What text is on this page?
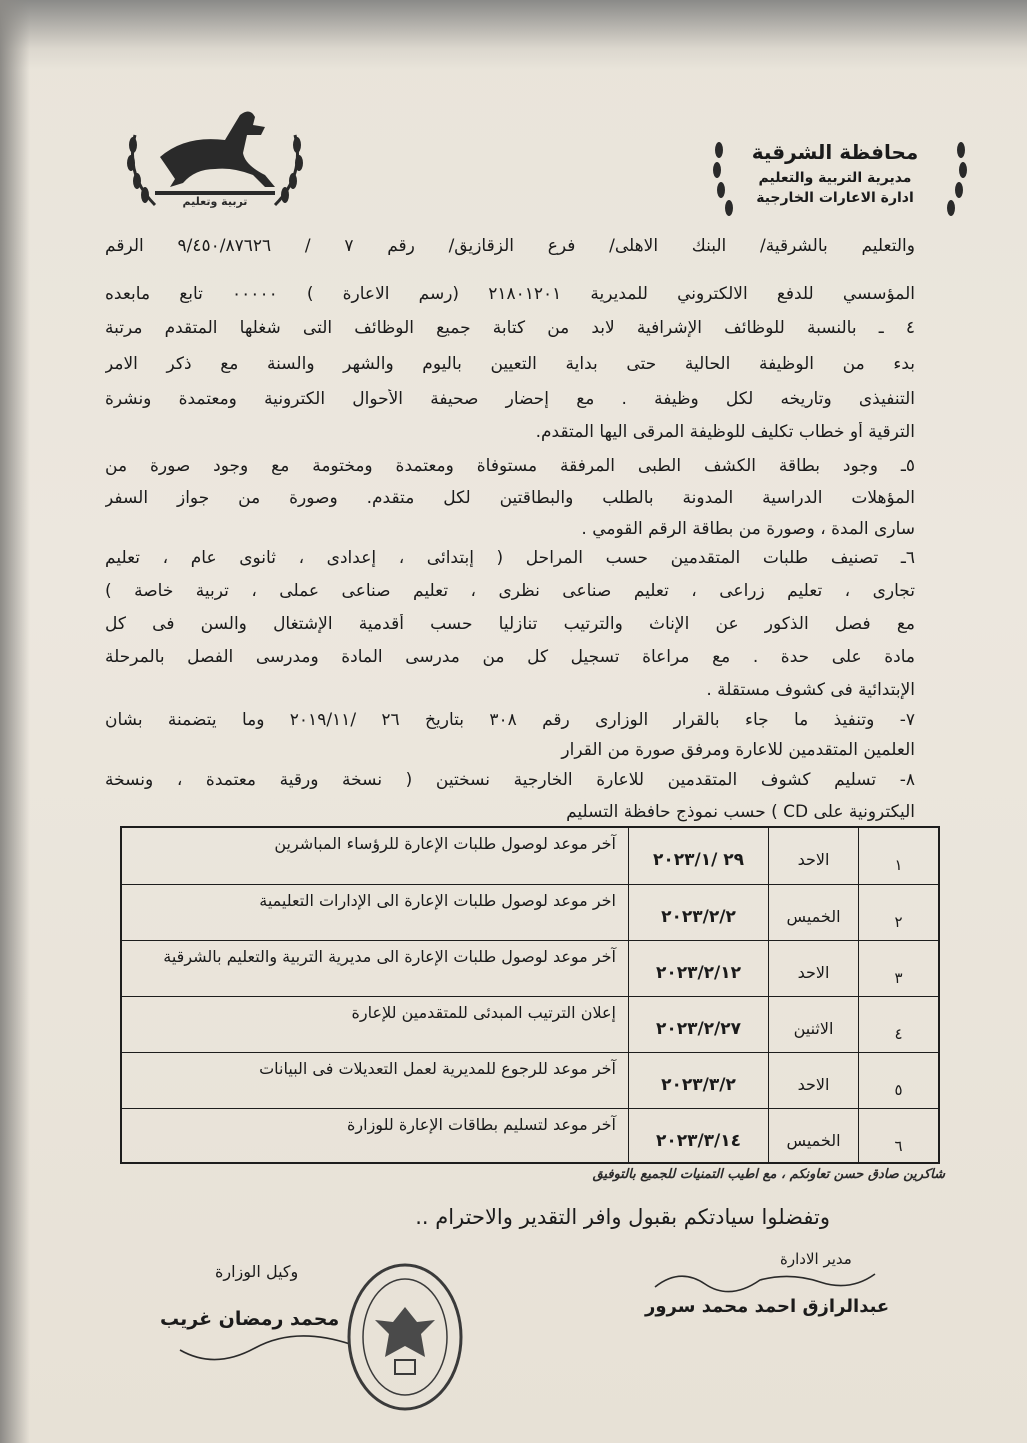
تربية وتعليم
محافظة الشرقية
مديرية التربية والتعليم
ادارة الاعارات الخارجية
والتعليم بالشرقية/ البنك الاهلى/ فرع الزقازيق/ رقم ٧ / ٩/٤٥٠/٨٧٦٢٦ الرقم
المؤسسي للدفع الالكتروني للمديرية ٢١٨٠١٢٠١ (رسم الاعارة ) ٠٠٠٠٠ تابع مابعده
٤ ـ بالنسبة للوظائف الإشرافية لابد من كتابة جميع الوظائف التى شغلها المتقدم مرتبة
بدء من الوظيفة الحالية حتى بداية التعيين باليوم والشهر والسنة مع ذكر الامر
التنفيذى وتاريخه لكل وظيفة . مع إحضار صحيفة الأحوال الكترونية ومعتمدة ونشرة
الترقية أو خطاب تكليف للوظيفة المرقى اليها المتقدم.
٥ـ وجود بطاقة الكشف الطبى المرفقة مستوفاة ومعتمدة ومختومة مع وجود صورة من
المؤهلات الدراسية المدونة بالطلب والبطاقتين لكل متقدم. وصورة من جواز السفر
سارى المدة ، وصورة من بطاقة الرقم القومي .
٦ـ تصنيف طلبات المتقدمين حسب المراحل ( إبتدائى ، إعدادى ، ثانوى عام ، تعليم
تجارى ، تعليم زراعى ، تعليم صناعى نظرى ، تعليم صناعى عملى ، تربية خاصة )
مع فصل الذكور عن الإناث والترتيب تنازليا حسب أقدمية الإشتغال والسن فى كل
مادة على حدة . مع مراعاة تسجيل كل من مدرسى المادة ومدرسى الفصل بالمرحلة
الإبتدائية فى كشوف مستقلة .
٧- وتنفيذ ما جاء بالقرار الوزارى رقم ٣٠٨ بتاريخ ٢٦ /٢٠١٩/١١ وما يتضمنة بشان
العلمين المتقدمين للاعارة ومرفق صورة من القرار
٨- تسليم كشوف المتقدمين للاعارة الخارجية نسختين ( نسخة ورقية معتمدة ، ونسخة
اليكترونية على CD ) حسب نموذج حافظة التسليم
١
الاحد
٢٩ /٢٠٢٣/١
آخر موعد لوصول طلبات الإعارة للرؤساء المباشرين
٢
الخميس
٢٠٢٣/٢/٢
اخر موعد لوصول طلبات الإعارة الى الإدارات التعليمية
٣
الاحد
٢٠٢٣/٢/١٢
آخر موعد لوصول طلبات الإعارة الى مديرية التربية والتعليم بالشرقية
٤
الاثنين
٢٠٢٣/٢/٢٧
إعلان الترتيب المبدئى للمتقدمين للإعارة
٥
الاحد
٢٠٢٣/٣/٢
آخر موعد للرجوع للمديرية لعمل التعديلات فى البيانات
٦
الخميس
٢٠٢٣/٣/١٤
آخر موعد لتسليم بطاقات الإعارة للوزارة
شاكرين صادق حسن تعاونكم ، مع اطيب التمنيات للجميع بالتوفيق
وتفضلوا سيادتكم بقبول وافر التقدير والاحترام ..
مدير الادارة
عبدالرازق احمد محمد سرور
وكيل الوزارة
محمد رمضان غريب
